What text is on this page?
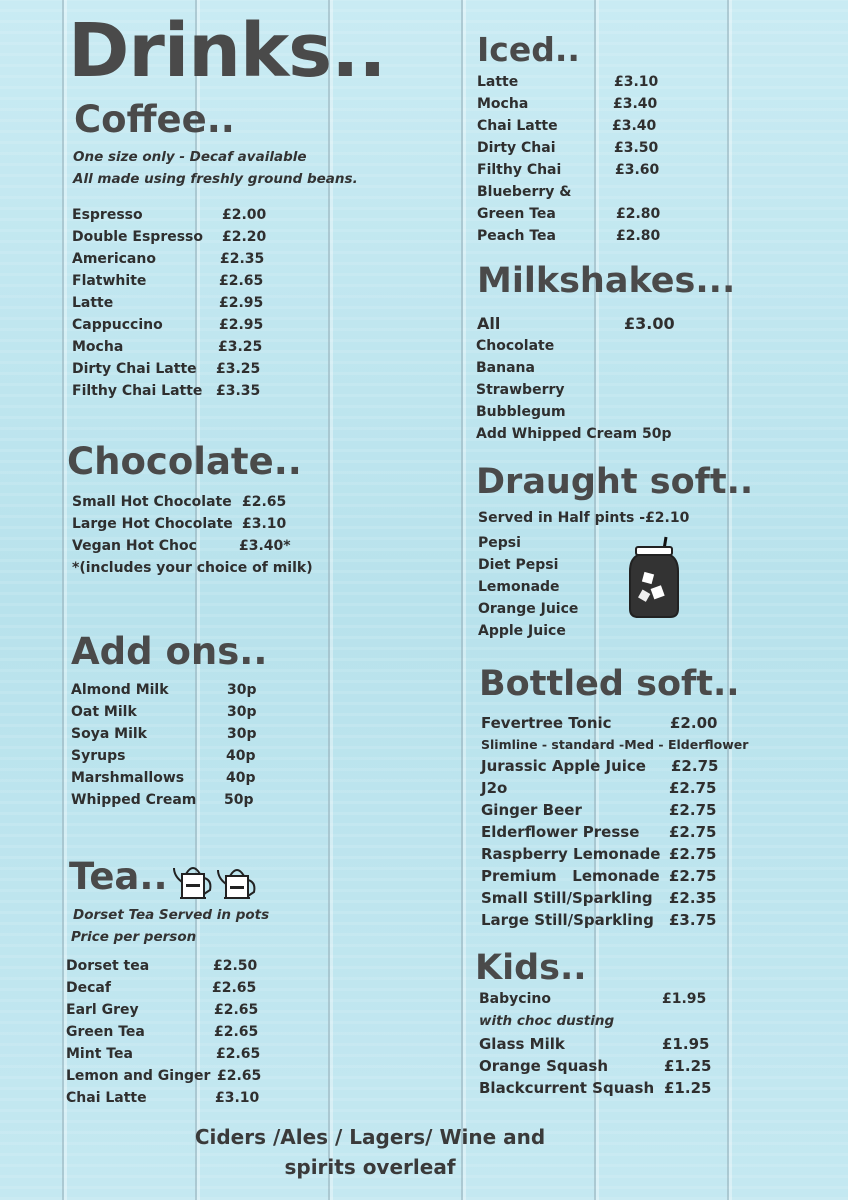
Drinks..
Coffee..
One size only - Decaf available
All made using freshly ground beans.
Espresso	£2.00
Double Espresso	£2.20
Americano	£2.35
Flatwhite	£2.65
Latte	£2.95
Cappuccino	£2.95
Mocha	£3.25
Dirty Chai Latte	£3.25
Filthy Chai Latte £3.35
Chocolate..
Small Hot Chocolate £2.65
Large Hot Chocolate £3.10
Vegan Hot Choc	£3.40*
*(includes your choice of milk)
Add ons..
Almond Milk	30p
Oat Milk	30p
Soya Milk	30p
Syrups	40p
Marshmallows	40p
Whipped Cream	50p
Tea..
Dorset Tea Served in pots
Price per person
Dorset tea	£2.50
Decaf	£2.65
Earl Grey	£2.65
Green Tea	£2.65
Mint Tea	£2.65
Lemon and Ginger £2.65
Chai Latte	£3.10
Iced..
Latte	£3.10
Mocha	£3.40
Chai Latte	£3.40
Dirty Chai	£3.50
Filthy Chai	£3.60
Blueberry &
Green Tea	£2.80
Peach Tea	£2.80
Milkshakes...
All	£3.00
Chocolate
Banana
Strawberry
Bubblegum
Add Whipped Cream 50p
Draught soft..
Served in Half pints -£2.10
Pepsi
Diet Pepsi
Lemonade
Orange Juice
Apple Juice
Bottled soft..
Fevertree Tonic	£2.00
Slimline - standard -Med - Elderflower
Jurassic Apple Juice	£2.75
J2o	£2.75
Ginger Beer	£2.75
Elderflower Presse	£2.75
Raspberry Lemonade £2.75
Premium   Lemonade £2.75
Small Still/Sparkling	£2.35
Large Still/Sparkling	£3.75
Kids..
Babycino	£1.95
with choc dusting
Glass Milk	£1.95
Orange Squash	£1.25
Blackcurrent Squash £1.25
Ciders /Ales / Lagers/ Wine and
spirits overleaf
